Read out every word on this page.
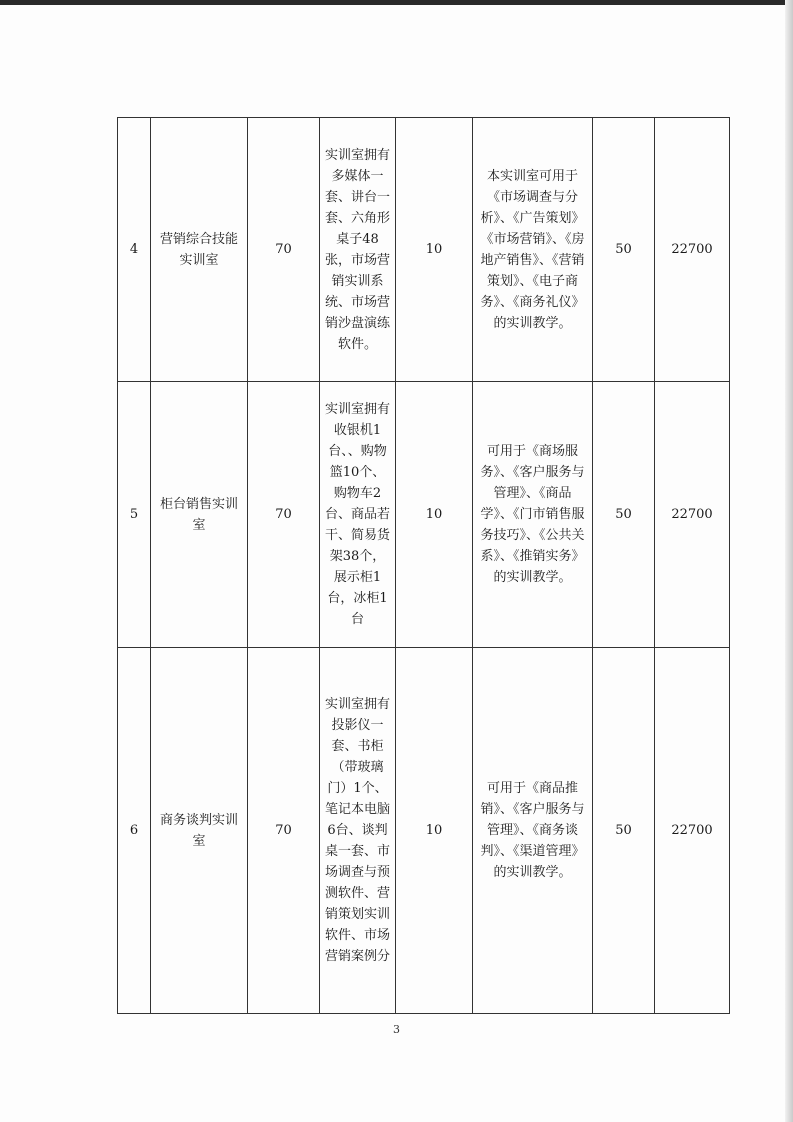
4	营销综合技能实训室	70	实训室拥有多媒体一套、讲台一套、六角形桌子48张，市场营销实训系统、市场营销沙盘演练软件。	10	本实训室可用于《市场调查与分析》、《广告策划》《市场营销》、《房地产销售》、《营销策划》、《电子商务》、《商务礼仪》的实训教学。	50	22700
5	柜台销售实训室	70	实训室拥有收银机1台、、购物篮10个、购物车2台、商品若干、简易货架38个，展示柜1台，冰柜1台	10	可用于《商场服务》、《客户服务与管理》、《商品学》、《门市销售服务技巧》、《公共关系》、《推销实务》的实训教学。	50	22700
6	商务谈判实训室	70	实训室拥有投影仪一套、书柜（带玻璃门）1个、笔记本电脑6台、谈判桌一套、市场调查与预测软件、营销策划实训软件、市场营销案例分	10	可用于《商品推销》、《客户服务与管理》、《商务谈判》、《渠道管理》的实训教学。	50	22700
3
